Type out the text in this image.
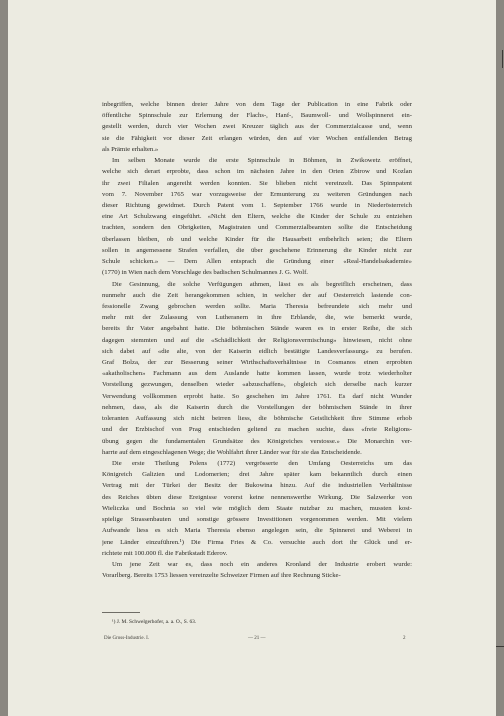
inbegriffen, welche binnen dreier Jahre von dem Tage der Publication in eine Fabrik oder
öffentliche Spinnschule zur Erlernung der Flachs-, Hanf-, Baumwoll- und Wollspinnerei ein-
gestellt werden, durch vier Wochen zwei Kreuzer täglich aus der Commerzialcasse und, wenn
sie die Fähigkeit vor dieser Zeit erlangen würden, den auf vier Wochen entfallenden Betrag
als Prämie erhalten.»
Im selben Monate wurde die erste Spinnschule in Böhmen, in Zwikowetz eröffnet,
welche sich derart erprobte, dass schon im nächsten Jahre in den Orten Zbirow und Kozlan
ihr zwei Filialen angereiht werden konnten. Sie blieben nicht vereinzelt. Das Spinnpatent
vom 7. November 1765 war vorzugsweise der Ermunterung zu weiteren Gründungen nach
dieser Richtung gewidmet. Durch Patent vom 1. September 1766 wurde in Niederösterreich
eine Art Schulzwang eingeführt. «Nicht den Eltern, welche die Kinder der Schule zu entziehen
trachten, sondern den Obrigkeiten, Magistraten und Commerzialbeamten sollte die Entscheidung
überlassen bleiben, ob und welche Kinder für die Hausarbeit entbehrlich seien; die Eltern
sollen in angemessene Strafen verfallen, die über geschehene Erinnerung die Kinder nicht zur
Schule schicken.» — Dem Allen entsprach die Gründung einer «Real-Handelsakademie»
(1770) in Wien nach dem Vorschlage des badischen Schulmannes J. G. Wolf.
Die Gesinnung, die solche Verfügungen athmen, lässt es als begreiflich erscheinen, dass
nunmehr auch die Zeit herangekommen schien, in welcher der auf Oesterreich lastende con-
fessionelle Zwang gebrochen werden sollte. Maria Theresia befreundete sich mehr und
mehr mit der Zulassung von Lutheranern in ihre Erblande, die, wie bemerkt wurde,
bereits ihr Vater angebahnt hatte. Die böhmischen Stände waren es in erster Reihe, die sich
dagegen stemmten und auf die «Schädlichkeit der Religionsvermischung» hinwiesen, nicht ohne
sich dabei auf «die alte, von der Kaiserin eidlich bestätigte Landesverfassung» zu berufen.
Graf Bolza, der zur Besserung seiner Wirthschaftsverhältnisse in Cosmanos einen erprobten
«akatholischen» Fachmann aus dem Auslande hatte kommen lassen, wurde trotz wiederholter
Vorstellung gezwungen, denselben wieder «abzuschaffen», obgleich sich derselbe nach kurzer
Verwendung vollkommen erprobt hatte. So geschehen im Jahre 1761. Es darf nicht Wunder
nehmen, dass, als die Kaiserin durch die Vorstellungen der böhmischen Stände in ihrer
toleranten Auffassung sich nicht beirren liess, die böhmische Geistlichkeit ihre Stimme erhob
und der Erzbischof von Prag entschieden geltend zu machen suchte, dass «freie Religions-
übung gegen die fundamentalen Grundsätze des Königreiches verstosse.» Die Monarchin ver-
harrte auf dem eingeschlagenen Wege; die Wohlfahrt ihrer Länder war für sie das Entscheidende.
Die erste Theilung Polens (1772) vergrösserte den Umfang Oesterreichs um das
Königreich Galizien und Lodomerien; drei Jahre später kam bekanntlich durch einen
Vertrag mit der Türkei der Besitz der Bukowina hinzu. Auf die industriellen Verhältnisse
des Reiches übten diese Ereignisse vorerst keine nennenswerthe Wirkung. Die Salzwerke von
Wieliczka und Bochnia so viel wie möglich dem Staate nutzbar zu machen, mussten kost-
spielige Strassenbauten und sonstige grössere Investitionen vorgenommen werden. Mit vielem
Aufwande liess es sich Maria Theresia ebenso angelegen sein, die Spinnerei und Weberei in
jene Länder einzuführen.¹) Die Firma Fries & Co. versuchte auch dort ihr Glück und er-
richtete mit 100.000 fl. die Fabrikstadt Ederov.
Um jene Zeit war es, dass noch ein anderes Kronland der Industrie erobert wurde:
Vorarlberg. Bereits 1753 liessen vereinzelte Schweizer Firmen auf ihre Rechnung Sticke-
¹) J. M. Schwelgerhofer, a. a. O., S. 63.
Die Gross-Industrie. I.	— 21 —	2
